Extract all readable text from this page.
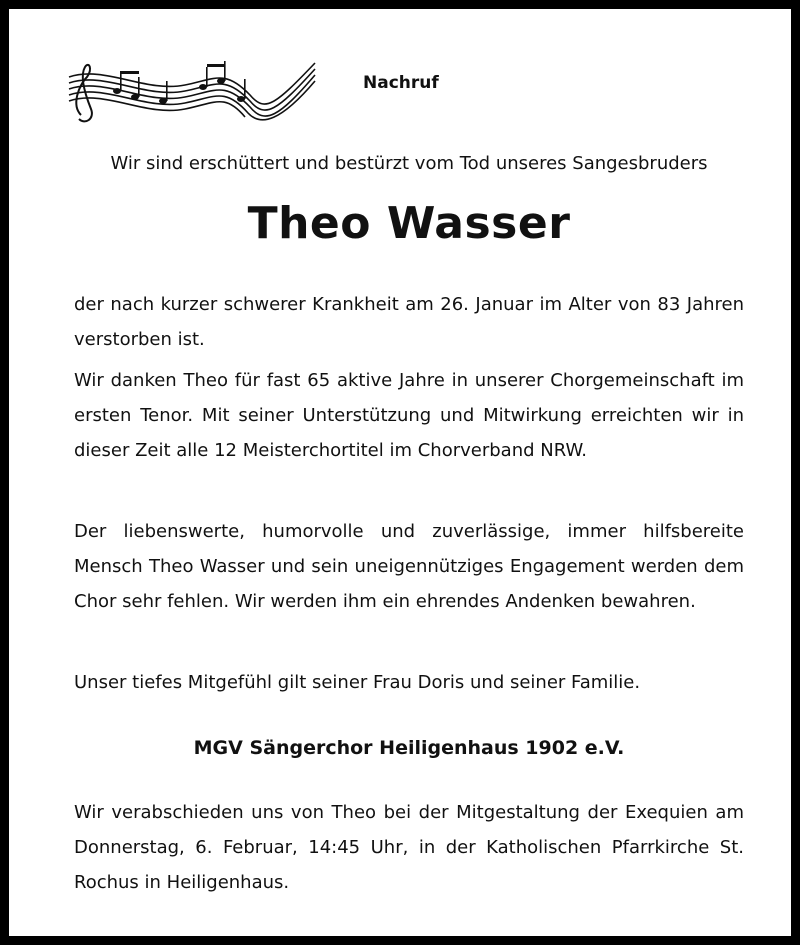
Nachruf

Wir sind erschüttert und bestürzt vom Tod unseres Sangesbruders

Theo Wasser

der nach kurzer schwerer Krankheit am 26. Januar im Alter von 83 Jahren verstorben ist.

Wir danken Theo für fast 65 aktive Jahre in unserer Chorgemeinschaft im ersten Tenor. Mit seiner Unterstützung und Mitwirkung erreichten wir in dieser Zeit alle 12 Meisterchortitel im Chorverband NRW.

Der liebenswerte, humorvolle und zuverlässige, immer hilfsbereite Mensch Theo Wasser und sein uneigennütziges Engagement werden dem Chor sehr fehlen. Wir werden ihm ein ehrendes Andenken bewahren.

Unser tiefes Mitgefühl gilt seiner Frau Doris und seiner Familie.

MGV Sängerchor Heiligenhaus 1902 e.V.

Wir verabschieden uns von Theo bei der Mitgestaltung der Exequien am Donnerstag, 6. Februar, 14:45 Uhr, in der Katholischen Pfarrkirche St. Rochus in Heiligenhaus.
